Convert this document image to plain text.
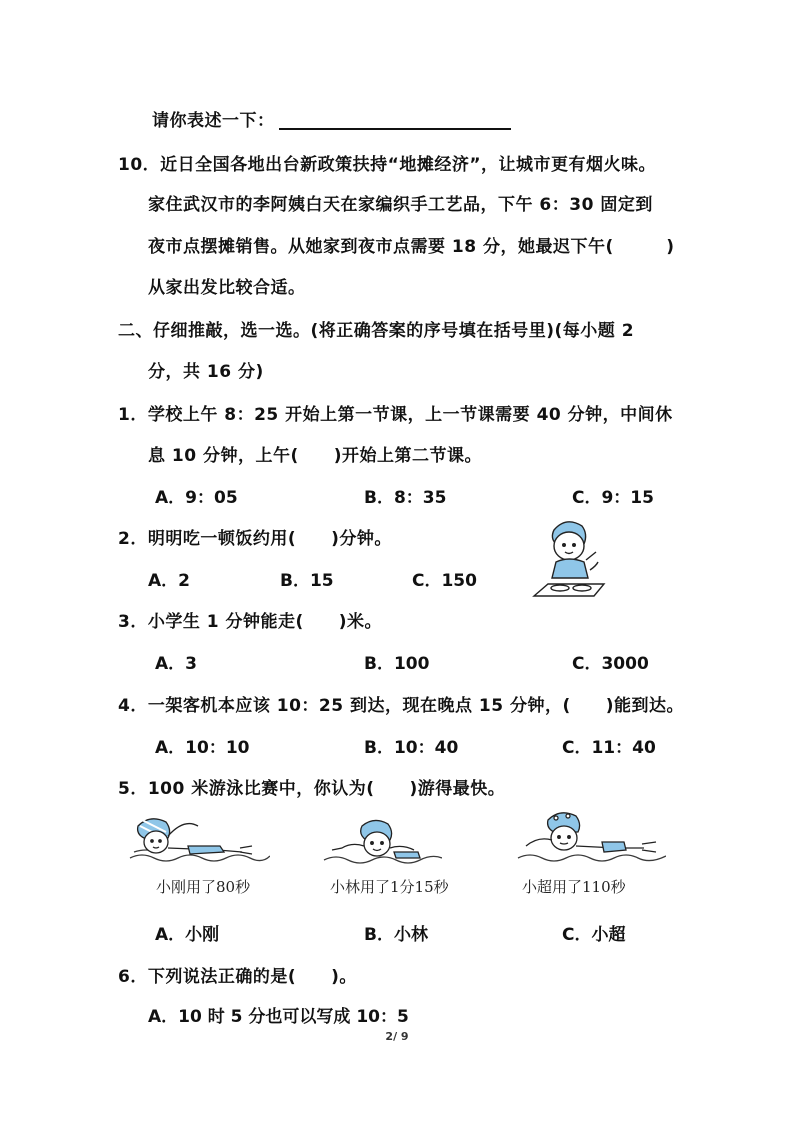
请你表述一下：
10．近日全国各地出台新政策扶持“地摊经济”，让城市更有烟火味。
家住武汉市的李阿姨白天在家编织手工艺品，下午 6：30 固定到
夜市点摆摊销售。从她家到夜市点需要 18 分，她最迟下午(　　　)
从家出发比较合适。
二、仔细推敲，选一选。(将正确答案的序号填在括号里)(每小题 2
分，共 16 分)
1．学校上午 8：25 开始上第一节课，上一节课需要 40 分钟，中间休
息 10 分钟，上午(　　)开始上第二节课。
A．9：05	B．8：35	C．9：15
2．明明吃一顿饭约用(　　)分钟。
A．2	B．15	C．150
3．小学生 1 分钟能走(　　)米。
A．3	B．100	C．3000
4．一架客机本应该 10：25 到达，现在晚点 15 分钟，(　　)能到达。
A．10：10	B．10：40	C．11：40
5．100 米游泳比赛中，你认为(　　)游得最快。
小刚用了80秒	小林用了1分15秒	小超用了110秒
A．小刚	B．小林	C．小超
6．下列说法正确的是(　　)。
A．10 时 5 分也可以写成 10：5
2/ 9
